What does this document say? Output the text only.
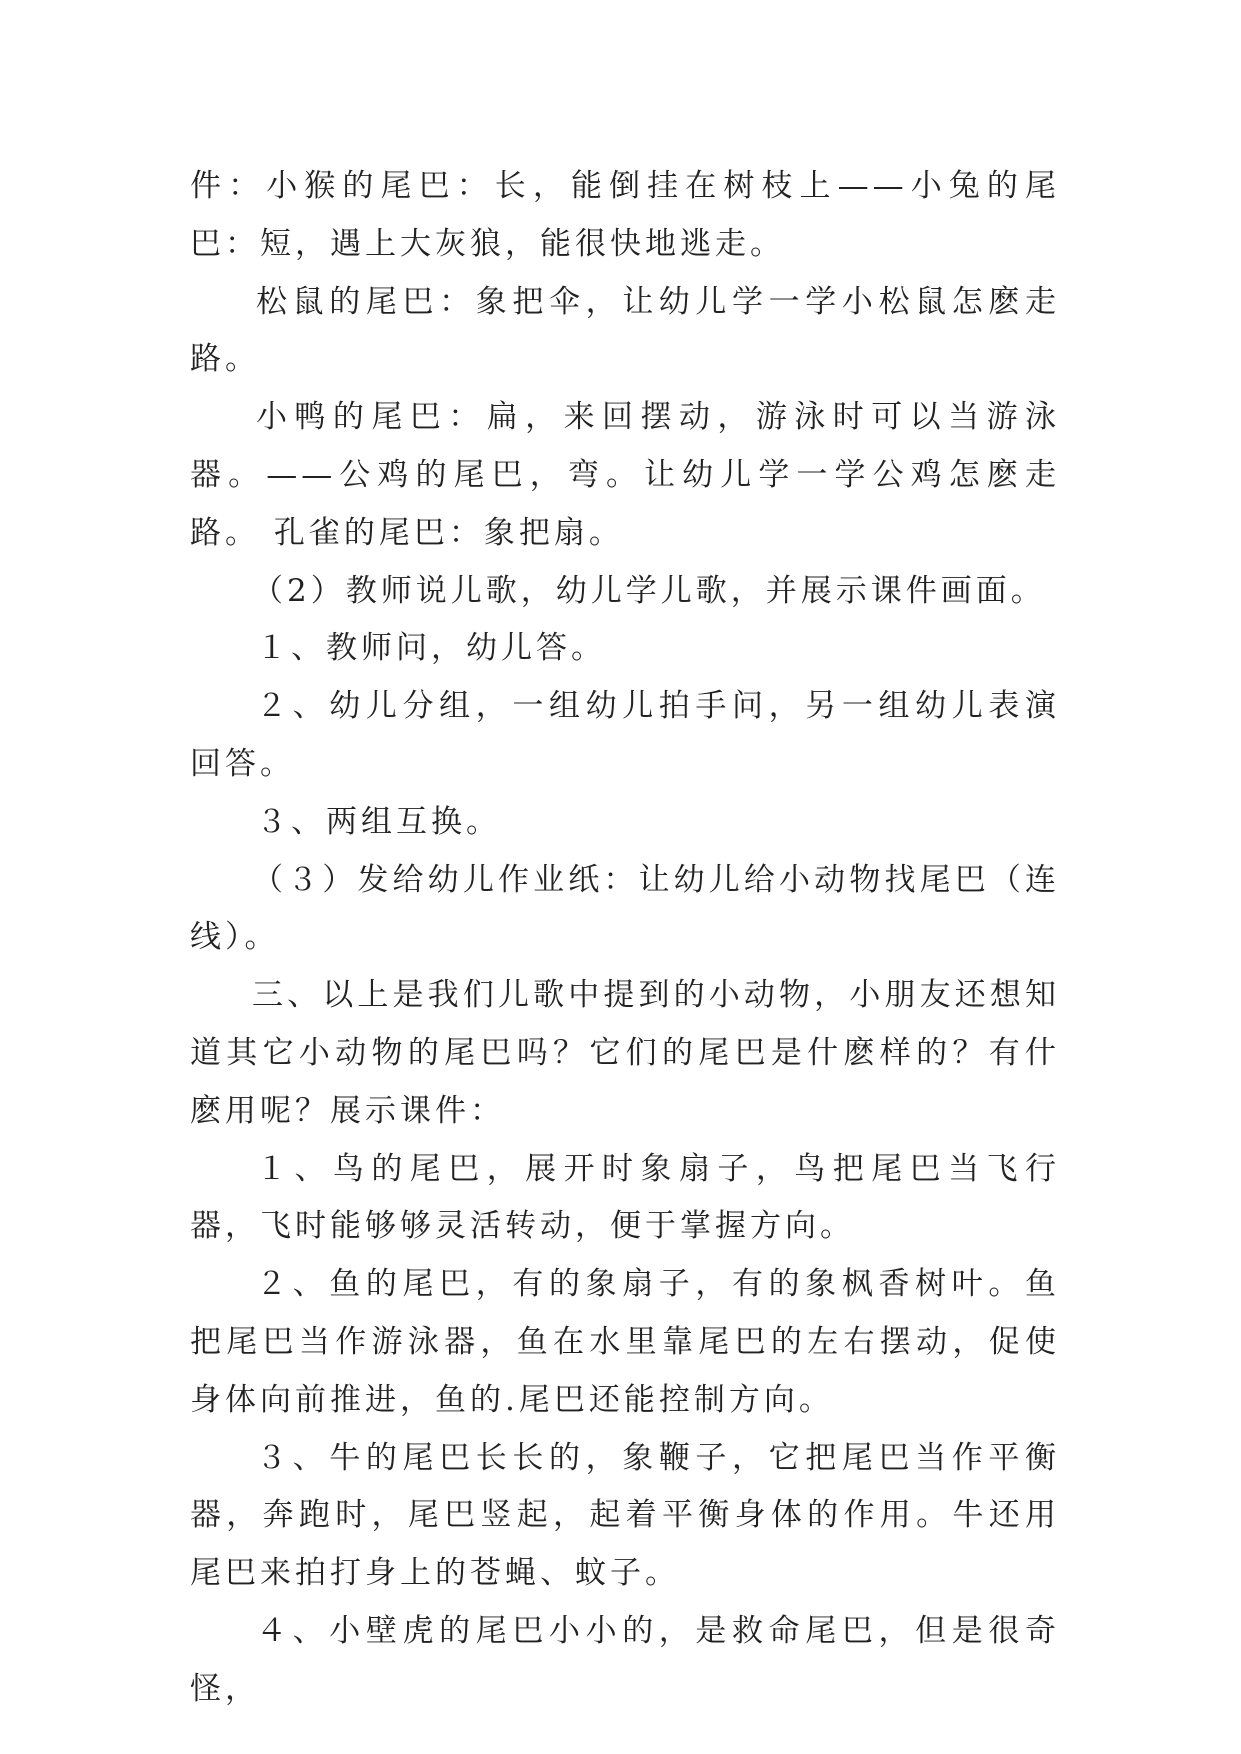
件：小猴的尾巴：长，能倒挂在树枝上——小兔的尾巴：短，遇上大灰狼，能很快地逃走。

松鼠的尾巴：象把伞，让幼儿学一学小松鼠怎麽走路。

小鸭的尾巴：扁，来回摆动，游泳时可以当游泳器。——公鸡的尾巴，弯。让幼儿学一学公鸡怎麽走路。 孔雀的尾巴：象把扇。

（2）教师说儿歌，幼儿学儿歌，并展示课件画面。

１、教师问，幼儿答。

２、幼儿分组，一组幼儿拍手问，另一组幼儿表演回答。

３、两组互换。

（３）发给幼儿作业纸：让幼儿给小动物找尾巴（连线）。

三、以上是我们儿歌中提到的小动物，小朋友还想知道其它小动物的尾巴吗？它们的尾巴是什麽样的？有什麽用呢？展示课件：

１、鸟的尾巴，展开时象扇子，鸟把尾巴当飞行器，飞时能够够灵活转动，便于掌握方向。

２、鱼的尾巴，有的象扇子，有的象枫香树叶。鱼把尾巴当作游泳器，鱼在水里靠尾巴的左右摆动，促使身体向前推进，鱼的.尾巴还能控制方向。

３、牛的尾巴长长的，象鞭子，它把尾巴当作平衡器，奔跑时，尾巴竖起，起着平衡身体的作用。牛还用尾巴来拍打身上的苍蝇、蚊子。

４、小壁虎的尾巴小小的，是救命尾巴，但是很奇怪，
